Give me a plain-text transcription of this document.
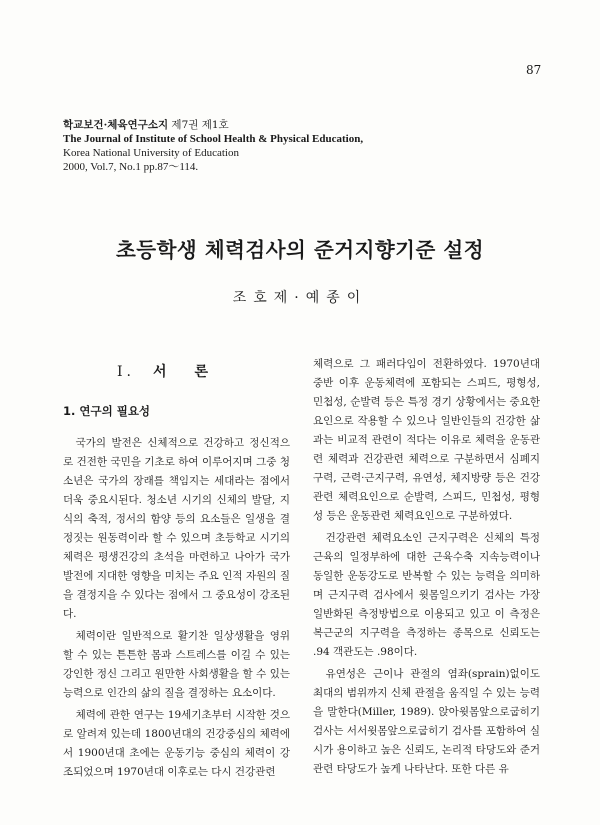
87
학교보건·체육연구소지 제7권 제1호
The Journal of Institute of School Health & Physical Education,
Korea National University of Education
2000, Vol.7, No.1 pp.87～114.
초등학생 체력검사의 준거지향기준 설정

조호제·예종이

Ⅰ. 서론
1. 연구의 필요성

국가의 발전은 신체적으로 건강하고 정신적으로 건전한 국민을 기초로 하여 이루어지며 그중 청소년은 국가의 장래를 책임지는 세대라는 점에서 더욱 중요시된다. 청소년 시기의 신체의 발달, 지식의 축적, 정서의 함양 등의 요소들은 일생을 결정짓는 원동력이라 할 수 있으며 초등학교 시기의 체력은 평생건강의 초석을 마련하고 나아가 국가 발전에 지대한 영향을 미치는 주요 인적 자원의 질을 결정지을 수 있다는 점에서 그 중요성이 강조된다.

체력이란 일반적으로 활기찬 일상생활을 영위할 수 있는 튼튼한 몸과 스트레스를 이길 수 있는 강인한 정신 그리고 원만한 사회생활을 할 수 있는 능력으로 인간의 삶의 질을 결정하는 요소이다.

체력에 관한 연구는 19세기초부터 시작한 것으로 알려져 있는데 1800년대의 건강중심의 체력에서 1900년대 초에는 운동기능 중심의 체력이 강조되었으며 1970년대 이후로는 다시 건강관련

체력으로 그 패러다임이 전환하였다. 1970년대 중반 이후 운동체력에 포함되는 스피드, 평형성, 민첩성, 순발력 등은 특정 경기 상황에서는 중요한 요인으로 작용할 수 있으나 일반인들의 건강한 삶과는 비교적 관련이 적다는 이유로 체력을 운동관련 체력과 건강관련 체력으로 구분하면서 심폐지구력, 근력·근지구력, 유연성, 체지방량 등은 건강관련 체력요인으로 순발력, 스피드, 민첩성, 평형성 등은 운동관련 체력요인으로 구분하였다.

건강관련 체력요소인 근지구력은 신체의 특정 근육의 일정부하에 대한 근육수축 지속능력이나 동일한 운동강도로 반복할 수 있는 능력을 의미하며 근지구력 검사에서 윗몸일으키기 검사는 가장 일반화된 측정방법으로 이용되고 있고 이 측정은 복근군의 지구력을 측정하는 종목으로 신뢰도는 .94 객관도는 .98이다.

유연성은 근이나 관절의 염좌(sprain)없이도 최대의 범위까지 신체 관절을 움직일 수 있는 능력을 말한다(Miller, 1989). 앉아윗몸앞으로굽히기 검사는 서서윗몸앞으로굽히기 검사를 포함하여 실시가 용이하고 높은 신뢰도, 논리적 타당도와 준거관련 타당도가 높게 나타난다. 또한 다른 유
